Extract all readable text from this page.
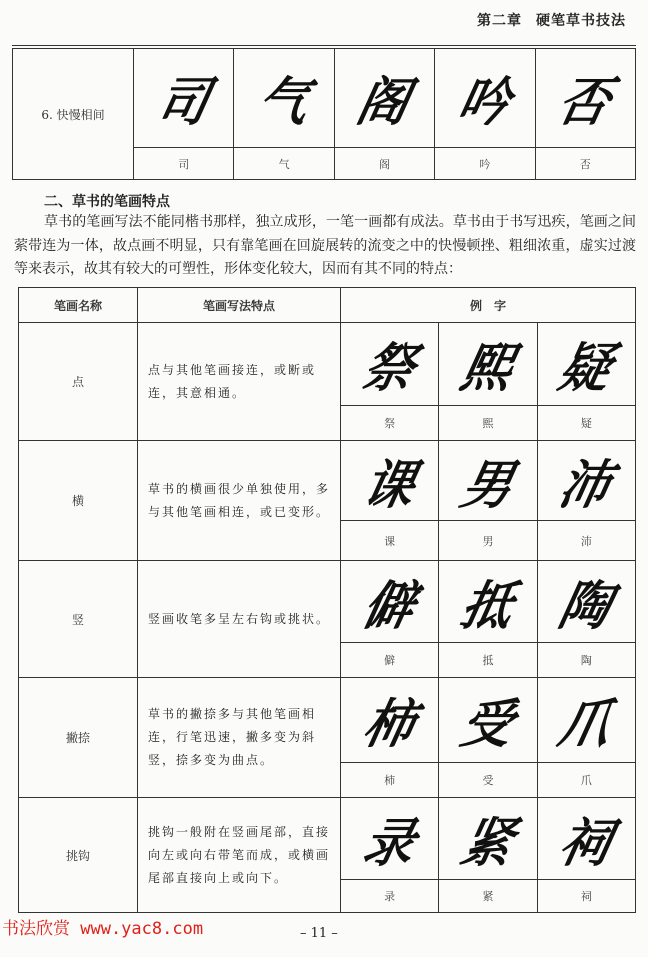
第二章 硬笔草书技法
6. 快慢相间	司	气	阁	吟	否
	司	气	阁	吟	否
二、草书的笔画特点
草书的笔画写法不能同楷书那样，独立成形，一笔一画都有成法。草书由于书写迅疾，笔画之间萦带连为一体，故点画不明显，只有靠笔画在回旋展转的流变之中的快慢顿挫、粗细浓重，虚实过渡等来表示，故其有较大的可塑性，形体变化较大，因而有其不同的特点：
笔画名称	笔画写法特点	例　字		
点	点与其他笔画接连，或断或连，其意相通。	祭	熙	疑
		祭	熙	疑
横	草书的横画很少单独使用，多与其他笔画相连，或已变形。	课	男	沛
		课	男	沛
竖	竖画收笔多呈左右钩或挑状。	僻	抵	陶
		僻	抵	陶
撇捺	草书的撇捺多与其他笔画相连，行笔迅速，撇多变为斜竖，捺多变为曲点。	柿	受	爪
		柿	受	爪
挑钩	挑钩一般附在竖画尾部，直接向左或向右带笔而成，或横画尾部直接向上或向下。	录	紧	祠
		录	紧	祠
书法欣赏 www.yac8.com	– 11 –
